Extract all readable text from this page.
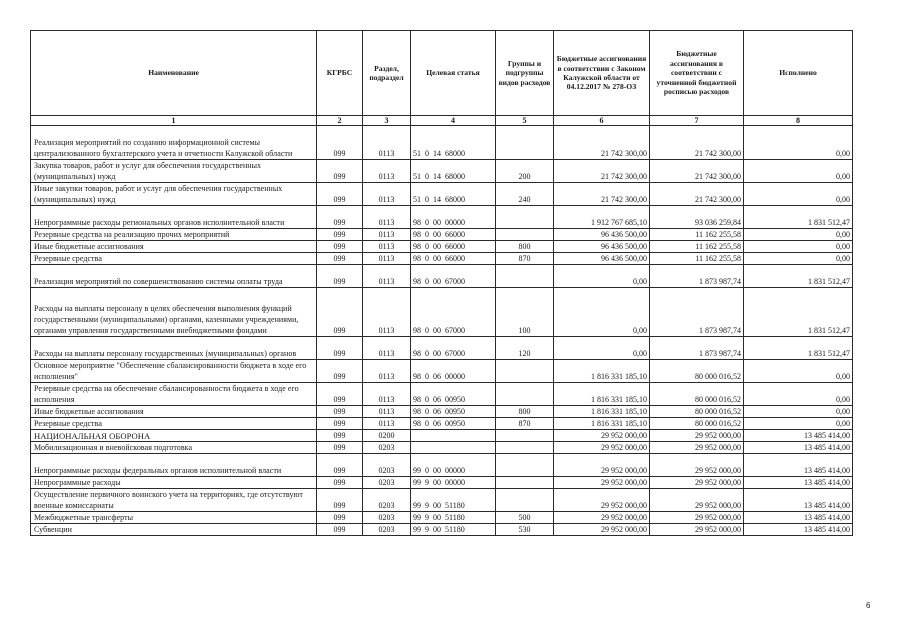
Наименование	КГРБС	Раздел, подраздел	Целевая статья	Группы и подгруппы видов расходов	Бюджетные ассигнования в соответствии с Законом Калужской области от 04.12.2017 № 278-ОЗ	Бюджетные ассигнования в соответствии с уточненной бюджетной росписью расходов	Исполнено
1	2	3	4	5	6	7	8
Реализация мероприятий по созданию информационной системы централизованного бухгалтерского учета и отчетности Калужской области	099	0113	51 0 14 68000		21 742 300,00	21 742 300,00	0,00
Закупка товаров, работ и услуг для обеспечения государственных (муниципальных) нужд	099	0113	51 0 14 68000	200	21 742 300,00	21 742 300,00	0,00
Иные закупки товаров, работ и услуг для обеспечения государственных (муниципальных) нужд	099	0113	51 0 14 68000	240	21 742 300,00	21 742 300,00	0,00
Непрограммные расходы региональных органов исполнительной власти	099	0113	98 0 00 00000		1 912 767 685,10	93 036 259,84	1 831 512,47
Резервные средства на реализацию прочих мероприятий	099	0113	98 0 00 66000		96 436 500,00	11 162 255,58	0,00
Иные бюджетные ассигнования	099	0113	98 0 00 66000	800	96 436 500,00	11 162 255,58	0,00
Резервные средства	099	0113	98 0 00 66000	870	96 436 500,00	11 162 255,58	0,00
Реализация мероприятий по совершенствованию системы оплаты труда	099	0113	98 0 00 67000		0,00	1 873 987,74	1 831 512,47
Расходы на выплаты персоналу в целях обеспечения выполнения функций государственными (муниципальными) органами, казенными учреждениями, органами управления государственными внебюджетными фондами	099	0113	98 0 00 67000	100	0,00	1 873 987,74	1 831 512,47
Расходы на выплаты персоналу государственных (муниципальных) органов	099	0113	98 0 00 67000	120	0,00	1 873 987,74	1 831 512,47
Основное мероприятие "Обеспечение сбалансированности бюджета в ходе его исполнения"	099	0113	98 0 06 00000		1 816 331 185,10	80 000 016,52	0,00
Резервные средства на обеспечение сбалансированности бюджета в ходе его исполнения	099	0113	98 0 06 00950		1 816 331 185,10	80 000 016,52	0,00
Иные бюджетные ассигнования	099	0113	98 0 06 00950	800	1 816 331 185,10	80 000 016,52	0,00
Резервные средства	099	0113	98 0 06 00950	870	1 816 331 185,10	80 000 016,52	0,00
НАЦИОНАЛЬНАЯ ОБОРОНА	099	0200			29 952 000,00	29 952 000,00	13 485 414,00
Мобилизационная и вневойсковая подготовка	099	0203			29 952 000,00	29 952 000,00	13 485 414,00
Непрограммные расходы федеральных органов исполнительной власти	099	0203	99 0 00 00000		29 952 000,00	29 952 000,00	13 485 414,00
Непрограммные расходы	099	0203	99 9 00 00000		29 952 000,00	29 952 000,00	13 485 414,00
Осуществление первичного воинского учета на территориях, где отсутствуют военные комиссариаты	099	0203	99 9 00 51180		29 952 000,00	29 952 000,00	13 485 414,00
Межбюджетные трансферты	099	0203	99 9 00 51180	500	29 952 000,00	29 952 000,00	13 485 414,00
Субвенции	099	0203	99 9 00 51180	530	29 952 000,00	29 952 000,00	13 485 414,00
6
